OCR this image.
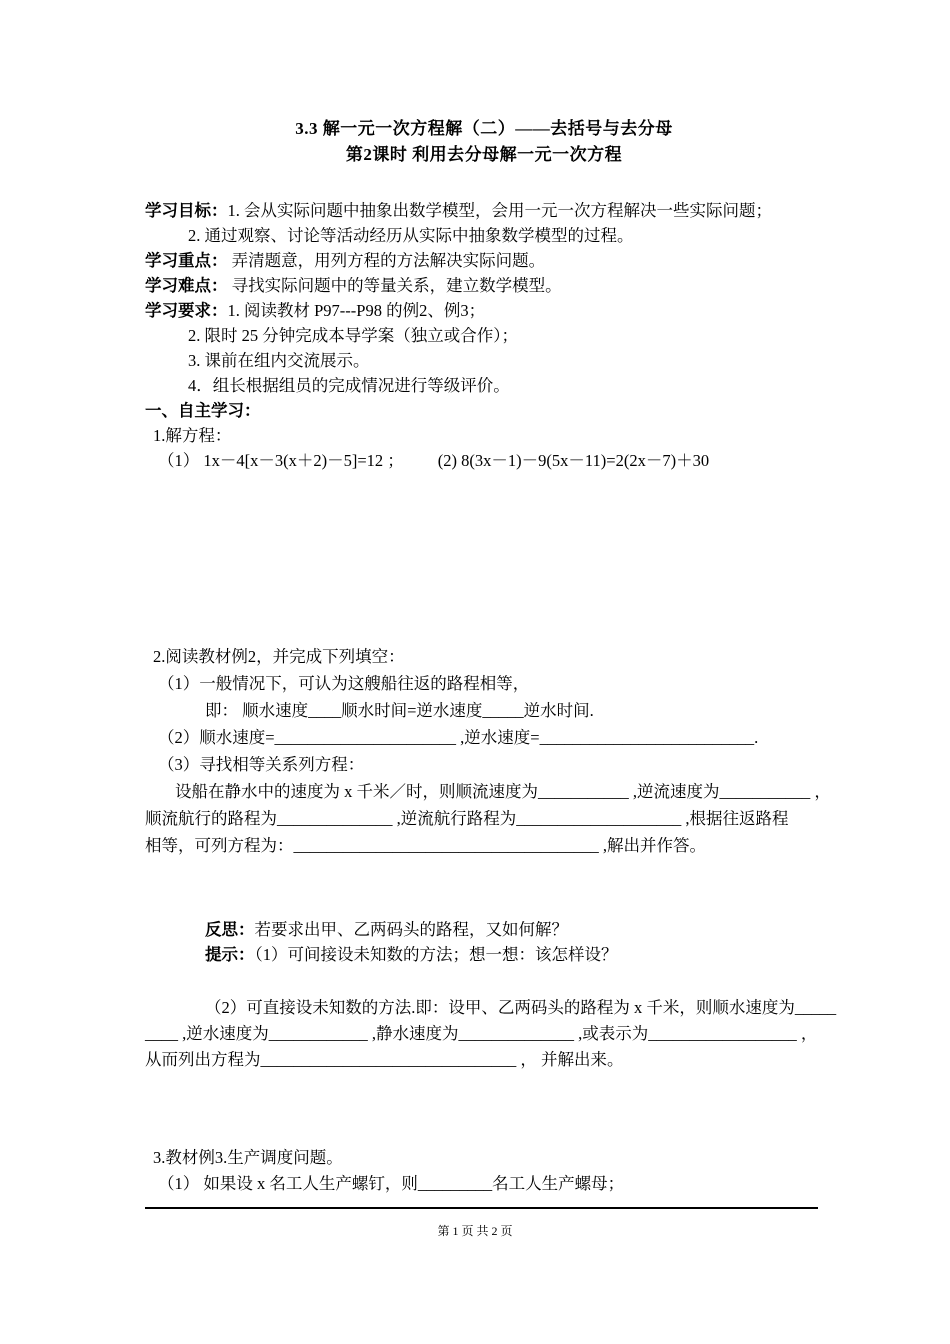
3.3 解一元一次方程解（二）——去括号与去分母
第2课时 利用去分母解一元一次方程
学习目标：1. 会从实际问题中抽象出数学模型，会用一元一次方程解决一些实际问题；
2. 通过观察、讨论等活动经历从实际中抽象数学模型的过程。
学习重点： 弄清题意，用列方程的方法解决实际问题。
学习难点： 寻找实际问题中的等量关系，建立数学模型。
学习要求：1. 阅读教材 P97---P98 的例2、例3；
2. 限时 25 分钟完成本导学案（独立或合作）；
3. 课前在组内交流展示。
4．组长根据组员的完成情况进行等级评价。
一、自主学习：
1.解方程：
（1） 1x－4[x－3(x＋2)－5]=12 ； (2) 8(3x－1)－9(5x－11)=2(2x－7)＋30
2.阅读教材例2，并完成下列填空：
（1）一般情况下，可认为这艘船往返的路程相等，
即： 顺水速度____顺水时间=逆水速度_____逆水时间.
（2）顺水速度=______________________ ,逆水速度=__________________________.
（3）寻找相等关系列方程：
设船在静水中的速度为 x 千米／时，则顺流速度为___________ ,逆流速度为___________ ，
顺流航行的路程为______________ ,逆流航行路程为____________________ ,根据往返路程
相等，可列方程为：_____________________________________ ,解出并作答。
反思：若要求出甲、乙两码头的路程，又如何解？
提示：（1）可间接设未知数的方法；想一想：该怎样设？
（2）可直接设未知数的方法.即：设甲、乙两码头的路程为 x 千米，则顺水速度为_____
____ ,逆水速度为____________ ,静水速度为______________ ,或表示为__________________ ，
从而列出方程为_______________________________ ， 并解出来。
3.教材例3.生产调度问题。
（1） 如果设 x 名工人生产螺钉，则_________名工人生产螺母；
第 1 页 共 2 页
